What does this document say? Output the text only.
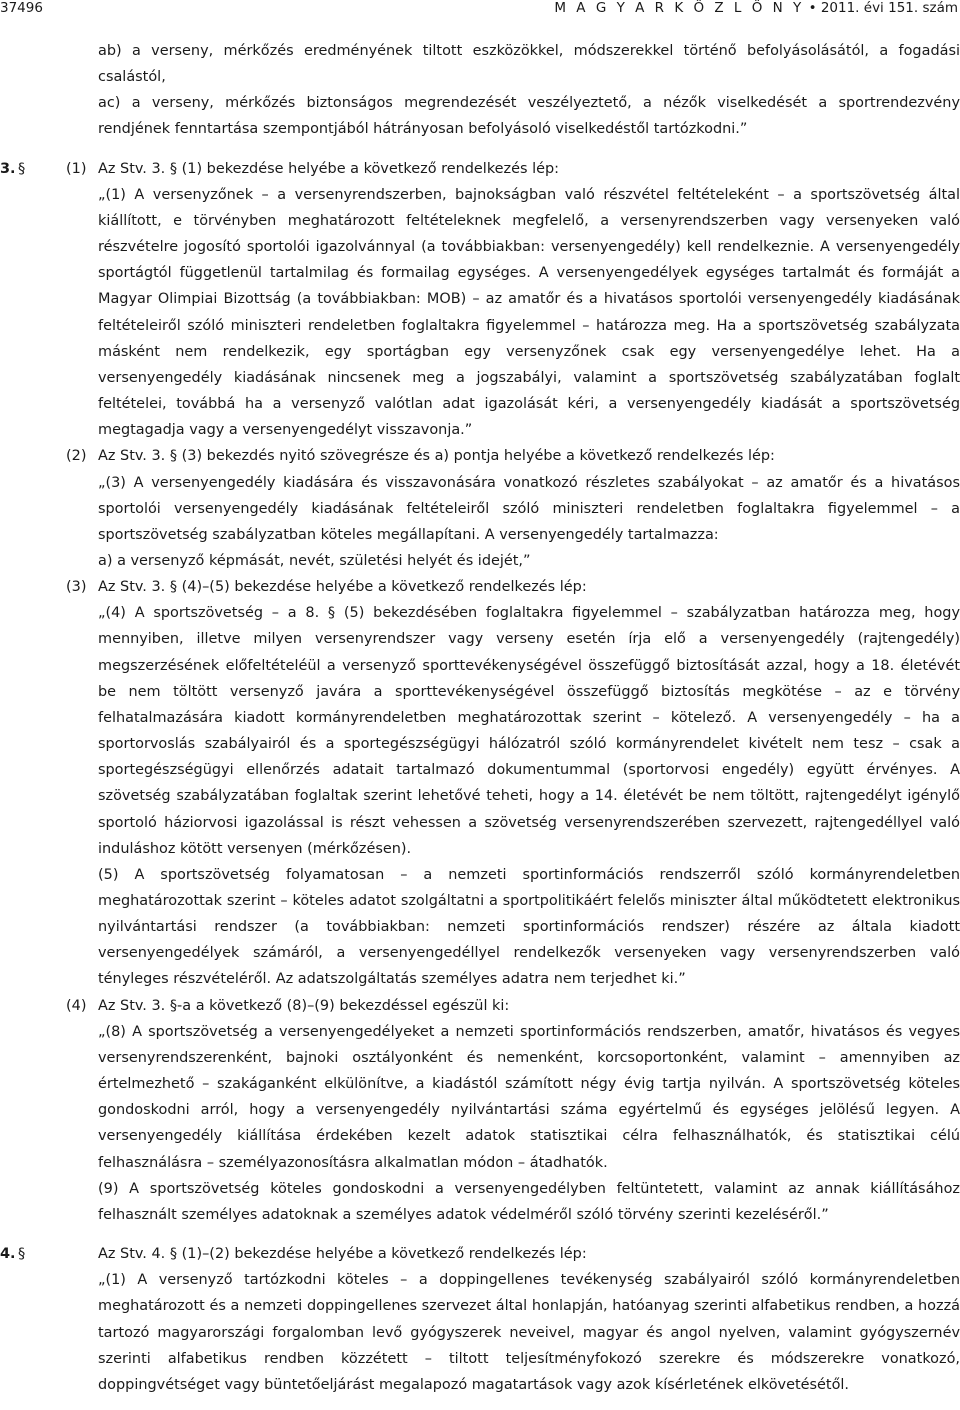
37496	M A G Y A R K Ö Z L Ö N Y • 2011. évi 151. szám

ab) a verseny, mérkőzés eredményének tiltott eszközökkel, módszerekkel történő befolyásolásától, a fogadási csalástól,

ac) a verseny, mérkőzés biztonságos megrendezését veszélyeztető, a nézők viselkedését a sportrendezvény rendjének fenntartása szempontjából hátrányosan befolyásoló viselkedéstől tartózkodni.”

3. §	(1) Az Stv. 3. § (1) bekezdése helyébe a következő rendelkezés lép:

„(1) A versenyzőnek – a versenyrendszerben, bajnokságban való részvétel feltételeként – a sportszövetség által kiállított, e törvényben meghatározott feltételeknek megfelelő, a versenyrendszerben vagy versenyeken való részvételre jogosító sportolói igazolvánnyal (a továbbiakban: versenyengedély) kell rendelkeznie. A versenyengedély sportágtól függetlenül tartalmilag és formailag egységes. A versenyengedélyek egységes tartalmát és formáját a Magyar Olimpiai Bizottság (a továbbiakban: MOB) – az amatőr és a hivatásos sportolói versenyengedély kiadásának feltételeiről szóló miniszteri rendeletben foglaltakra figyelemmel – határozza meg. Ha a sportszövetség szabályzata másként nem rendelkezik, egy sportágban egy versenyzőnek csak egy versenyengedélye lehet. Ha a versenyengedély kiadásának nincsenek meg a jogszabályi, valamint a sportszövetség szabályzatában foglalt feltételei, továbbá ha a versenyző valótlan adat igazolását kéri, a versenyengedély kiadását a sportszövetség megtagadja vagy a versenyengedélyt visszavonja.”

(2) Az Stv. 3. § (3) bekezdés nyitó szövegrésze és a) pontja helyébe a következő rendelkezés lép:

„(3) A versenyengedély kiadására és visszavonására vonatkozó részletes szabályokat – az amatőr és a hivatásos sportolói versenyengedély kiadásának feltételeiről szóló miniszteri rendeletben foglaltakra figyelemmel – a sportszövetség szabályzatban köteles megállapítani. A versenyengedély tartalmazza:

a) a versenyző képmását, nevét, születési helyét és idejét,”

(3) Az Stv. 3. § (4)–(5) bekezdése helyébe a következő rendelkezés lép:

„(4) A sportszövetség – a 8. § (5) bekezdésében foglaltakra figyelemmel – szabályzatban határozza meg, hogy mennyiben, illetve milyen versenyrendszer vagy verseny esetén írja elő a versenyengedély (rajtengedély) megszerzésének előfeltételéül a versenyző sporttevékenységével összefüggő biztosítását azzal, hogy a 18. életévét be nem töltött versenyző javára a sporttevékenységével összefüggő biztosítás megkötése – az e törvény felhatalmazására kiadott kormányrendeletben meghatározottak szerint – kötelező. A versenyengedély – ha a sportorvoslás szabályairól és a sportegészségügyi hálózatról szóló kormányrendelet kivételt nem tesz – csak a sportegészségügyi ellenőrzés adatait tartalmazó dokumentummal (sportorvosi engedély) együtt érvényes. A szövetség szabályzatában foglaltak szerint lehetővé teheti, hogy a 14. életévét be nem töltött, rajtengedélyt igénylő sportoló háziorvosi igazolással is részt vehessen a szövetség versenyrendszerében szervezett, rajtengedéllyel való induláshoz kötött versenyen (mérkőzésen).

(5) A sportszövetség folyamatosan – a nemzeti sportinformációs rendszerről szóló kormányrendeletben meghatározottak szerint – köteles adatot szolgáltatni a sportpolitikáért felelős miniszter által működtetett elektronikus nyilvántartási rendszer (a továbbiakban: nemzeti sportinformációs rendszer) részére az általa kiadott versenyengedélyek számáról, a versenyengedéllyel rendelkezők versenyeken vagy versenyrendszerben való tényleges részvételéről. Az adatszolgáltatás személyes adatra nem terjedhet ki.”

(4) Az Stv. 3. §-a a következő (8)–(9) bekezdéssel egészül ki:

„(8) A sportszövetség a versenyengedélyeket a nemzeti sportinformációs rendszerben, amatőr, hivatásos és vegyes versenyrendszerenként, bajnoki osztályonként és nemenként, korcsoportonként, valamint – amennyiben az értelmezhető – szakáganként elkülönítve, a kiadástól számított négy évig tartja nyilván. A sportszövetség köteles gondoskodni arról, hogy a versenyengedély nyilvántartási száma egyértelmű és egységes jelölésű legyen. A versenyengedély kiállítása érdekében kezelt adatok statisztikai célra felhasználhatók, és statisztikai célú felhasználásra – személyazonosításra alkalmatlan módon – átadhatók.

(9) A sportszövetség köteles gondoskodni a versenyengedélyben feltüntetett, valamint az annak kiállításához felhasznált személyes adatoknak a személyes adatok védelméről szóló törvény szerinti kezeléséről.”

4. §	Az Stv. 4. § (1)–(2) bekezdése helyébe a következő rendelkezés lép:

„(1) A versenyző tartózkodni köteles – a doppingellenes tevékenység szabályairól szóló kormányrendeletben meghatározott és a nemzeti doppingellenes szervezet által honlapján, hatóanyag szerinti alfabetikus rendben, a hozzá tartozó magyarországi forgalomban levő gyógyszerek neveivel, magyar és angol nyelven, valamint gyógyszernév szerinti alfabetikus rendben közzétett – tiltott teljesítményfokozó szerekre és módszerekre vonatkozó, doppingvétséget vagy büntetőeljárást megalapozó magatartások vagy azok kísérletének elkövetésétől.
